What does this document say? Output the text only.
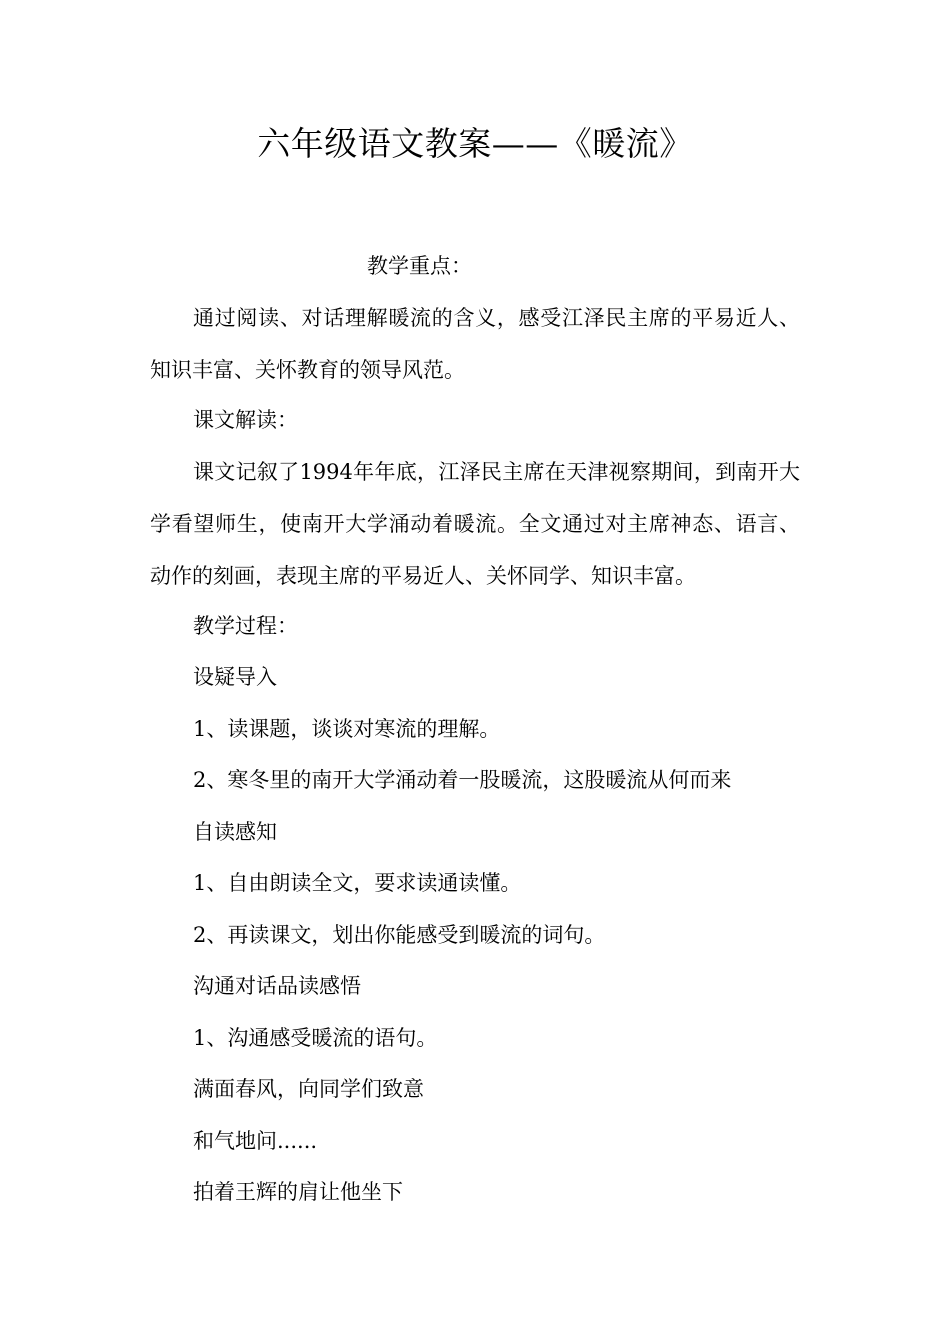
六年级语文教案——《暖流》
教学重点：
通过阅读、对话理解暖流的含义，感受江泽民主席的平易近人、知识丰富、关怀教育的领导风范。
课文解读：
课文记叙了1994年年底，江泽民主席在天津视察期间，到南开大学看望师生，使南开大学涌动着暖流。全文通过对主席神态、语言、动作的刻画，表现主席的平易近人、关怀同学、知识丰富。
教学过程：
设疑导入
1、读课题，谈谈对寒流的理解。
2、寒冬里的南开大学涌动着一股暖流，这股暖流从何而来
自读感知
1、自由朗读全文，要求读通读懂。
2、再读课文，划出你能感受到暖流的词句。
沟通对话品读感悟
1、沟通感受暖流的语句。
满面春风，向同学们致意
和气地问......
拍着王辉的肩让他坐下
